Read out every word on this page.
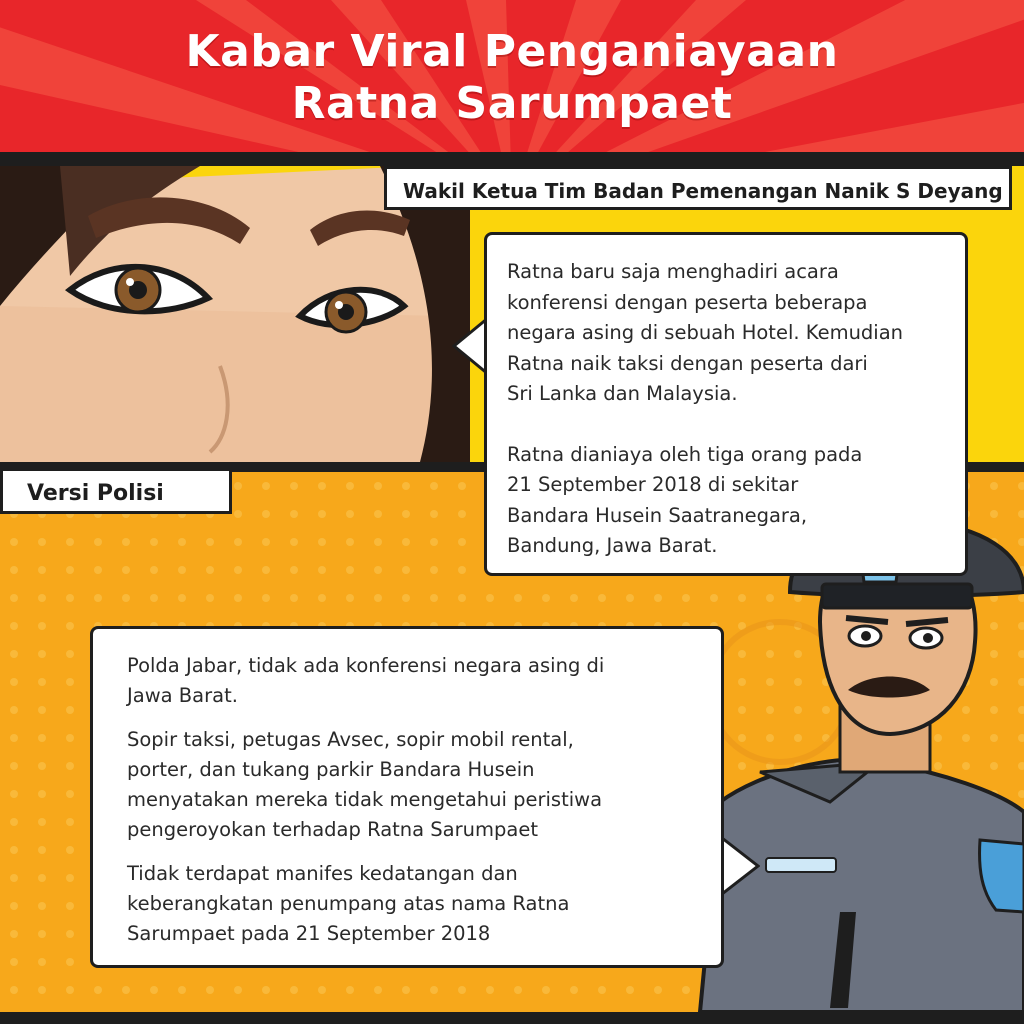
Kabar Viral Penganiayaan
Ratna Sarumpaet
Wakil Ketua Tim Badan Pemenangan Nanik S Deyang
Versi Polisi

Ratna baru saja menghadiri acara
konferensi dengan peserta beberapa
negara asing di sebuah Hotel. Kemudian
Ratna naik taksi dengan peserta dari
Sri Lanka dan Malaysia.

Ratna dianiaya oleh tiga orang pada
21 September 2018 di sekitar
Bandara Husein Saatranegara,
Bandung, Jawa Barat.

Polda Jabar, tidak ada konferensi negara asing di
Jawa Barat.

Sopir taksi, petugas Avsec, sopir mobil rental,
porter, dan tukang parkir Bandara Husein
menyatakan mereka tidak mengetahui peristiwa
pengeroyokan terhadap Ratna Sarumpaet

Tidak terdapat manifes kedatangan dan
keberangkatan penumpang atas nama Ratna
Sarumpaet pada 21 September 2018
